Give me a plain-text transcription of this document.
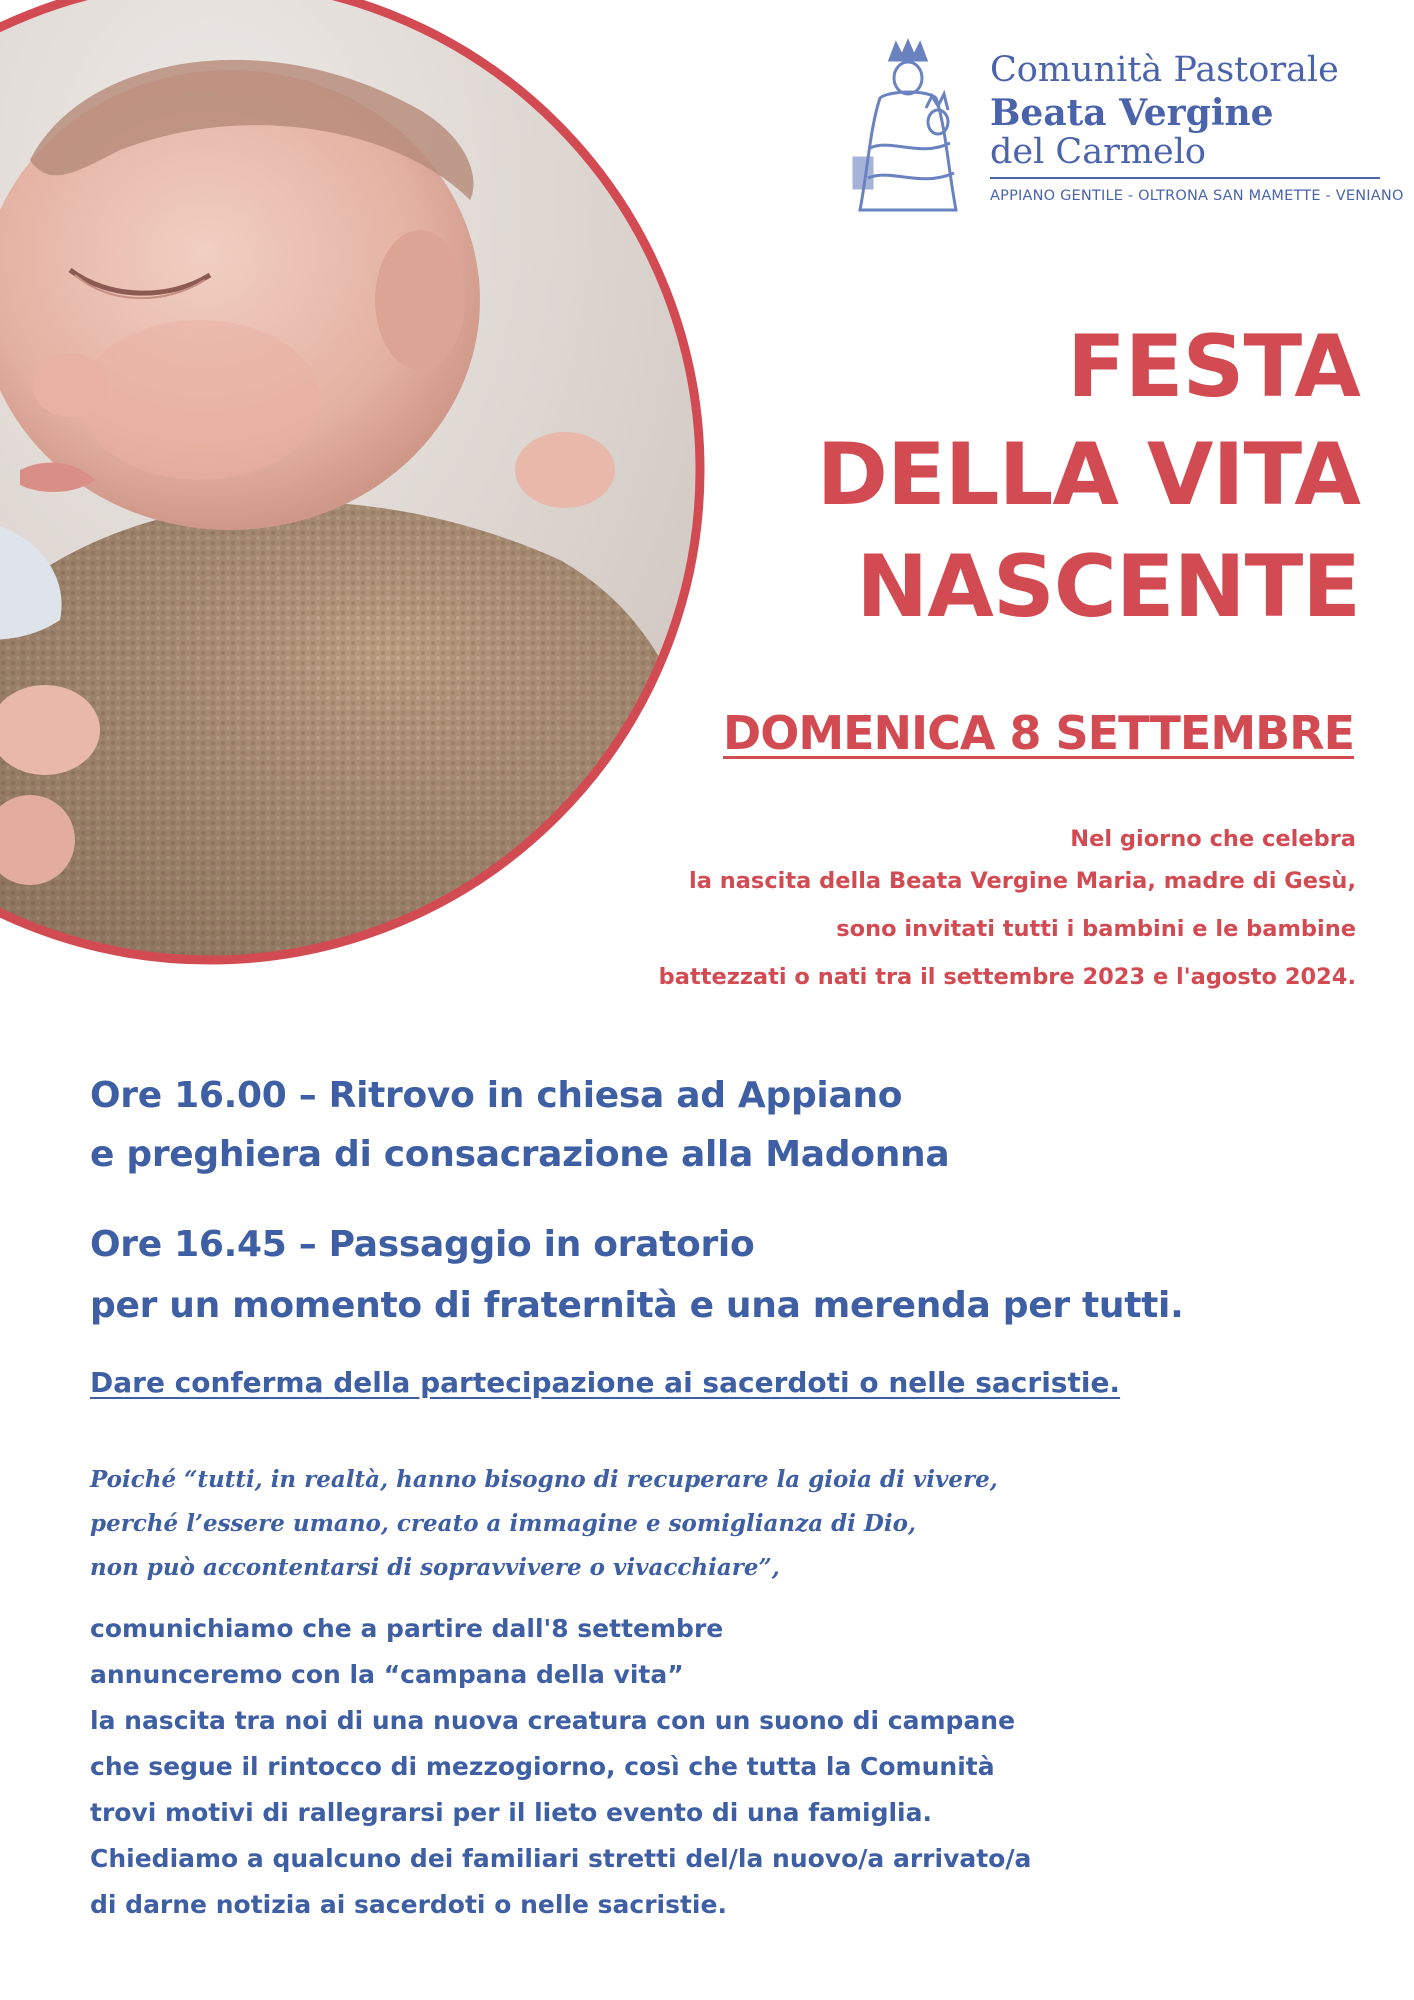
Comunità Pastorale
Beata Vergine
del Carmelo
APPIANO GENTILE - OLTRONA SAN MAMETTE - VENIANO
FESTA
DELLA VITA
NASCENTE
DOMENICA 8 SETTEMBRE
Nel giorno che celebra
la nascita della Beata Vergine Maria, madre di Gesù,
sono invitati tutti i bambini e le bambine
battezzati o nati tra il settembre 2023 e l'agosto 2024.
Ore 16.00 – Ritrovo in chiesa ad Appiano
e preghiera di consacrazione alla Madonna
Ore 16.45 – Passaggio in oratorio
per un momento di fraternità e una merenda per tutti.
Dare conferma della partecipazione ai sacerdoti o nelle sacristie.
Poiché “tutti, in realtà, hanno bisogno di recuperare la gioia di vivere,
perché l’essere umano, creato a immagine e somiglianza di Dio,
non può accontentarsi di sopravvivere o vivacchiare”,
comunichiamo che a partire dall'8 settembre
annunceremo con la “campana della vita”
la nascita tra noi di una nuova creatura con un suono di campane
che segue il rintocco di mezzogiorno, così che tutta la Comunità
trovi motivi di rallegrarsi per il lieto evento di una famiglia.
Chiediamo a qualcuno dei familiari stretti del/la nuovo/a arrivato/a
di darne notizia ai sacerdoti o nelle sacristie.
